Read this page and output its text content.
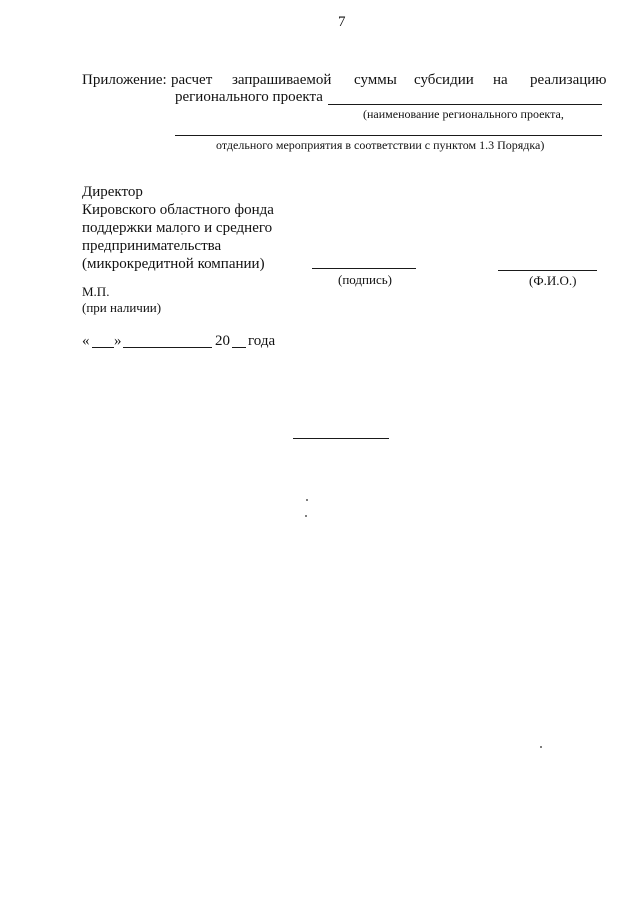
7
Приложение: расчет запрашиваемой суммы субсидии на реализацию
регионального проекта
(наименование регионального проекта,
отдельного мероприятия в соответствии с пунктом 1.3 Порядка)
Директор
Кировского областного фонда
поддержки малого и среднего
предпринимательства
(микрокредитной компании)
(подпись)	(Ф.И.О.)
М.П.
(при наличии)
« »	20 года
